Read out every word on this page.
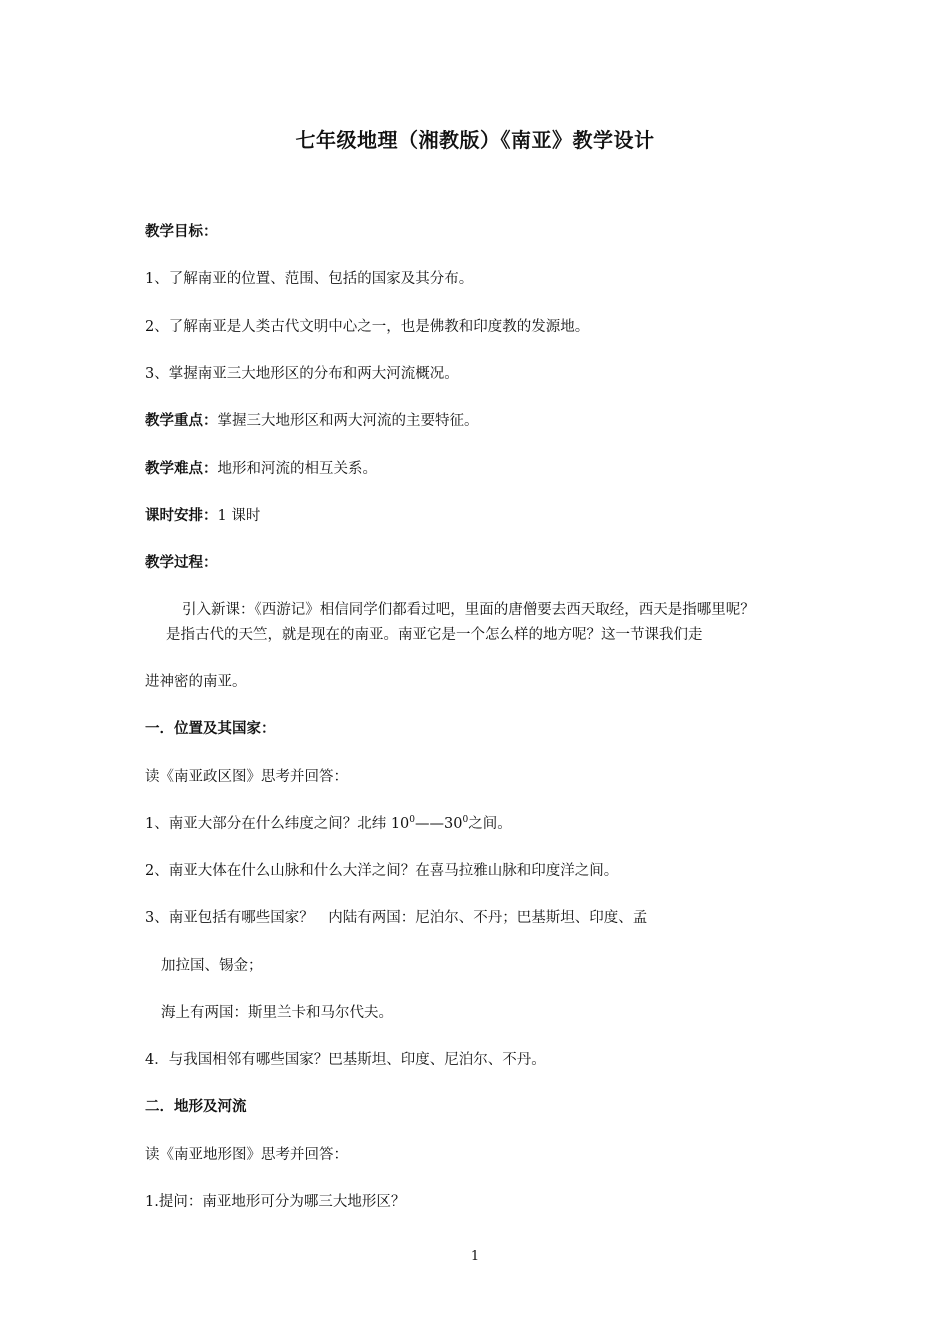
七年级地理（湘教版）《南亚》教学设计
教学目标：
1、了解南亚的位置、范围、包括的国家及其分布。
2、了解南亚是人类古代文明中心之一，也是佛教和印度教的发源地。
3、掌握南亚三大地形区的分布和两大河流概况。
教学重点：掌握三大地形区和两大河流的主要特征。
教学难点：地形和河流的相互关系。
课时安排：1 课时
教学过程：
引入新课：《西游记》相信同学们都看过吧，里面的唐僧要去西天取经，西天是指哪里呢？
是指古代的天竺，就是现在的南亚。南亚它是一个怎么样的地方呢？这一节课我们走
进神密的南亚。
一．位置及其国家：
读《南亚政区图》思考并回答：
1、南亚大部分在什么纬度之间？北纬 $10^0——30^0$之间。
2、南亚大体在什么山脉和什么大洋之间？在喜马拉雅山脉和印度洋之间。
3、南亚包括有哪些国家？　内陆有两国：尼泊尔、不丹；巴基斯坦、印度、孟
加拉国、锡金；
海上有两国：斯里兰卡和马尔代夫。
4．与我国相邻有哪些国家？巴基斯坦、印度、尼泊尔、不丹。
二．地形及河流
读《南亚地形图》思考并回答：
1.提问：南亚地形可分为哪三大地形区？
1
